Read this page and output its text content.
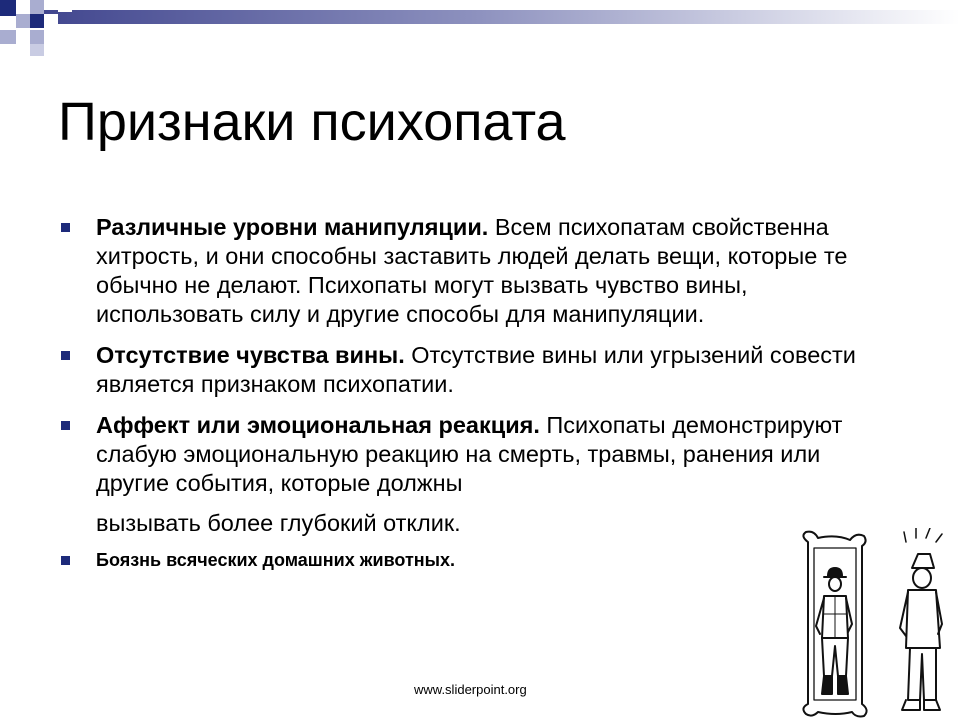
Признаки психопата
Различные уровни манипуляции. Всем психопатам свойственна хитрость, и они способны заставить людей делать вещи, которые те обычно не делают. Психопаты могут вызвать чувство вины, использовать силу и другие способы для манипуляции.
Отсутствие чувства вины. Отсутствие вины или угрызений совести является признаком психопатии.
Аффект или эмоциональная реакция. Психопаты демонстрируют слабую эмоциональную реакцию на смерть, травмы, ранения или другие события, которые должны
вызывать более глубокий отклик.
Боязнь всяческих домашних животных.
www.sliderpoint.org
